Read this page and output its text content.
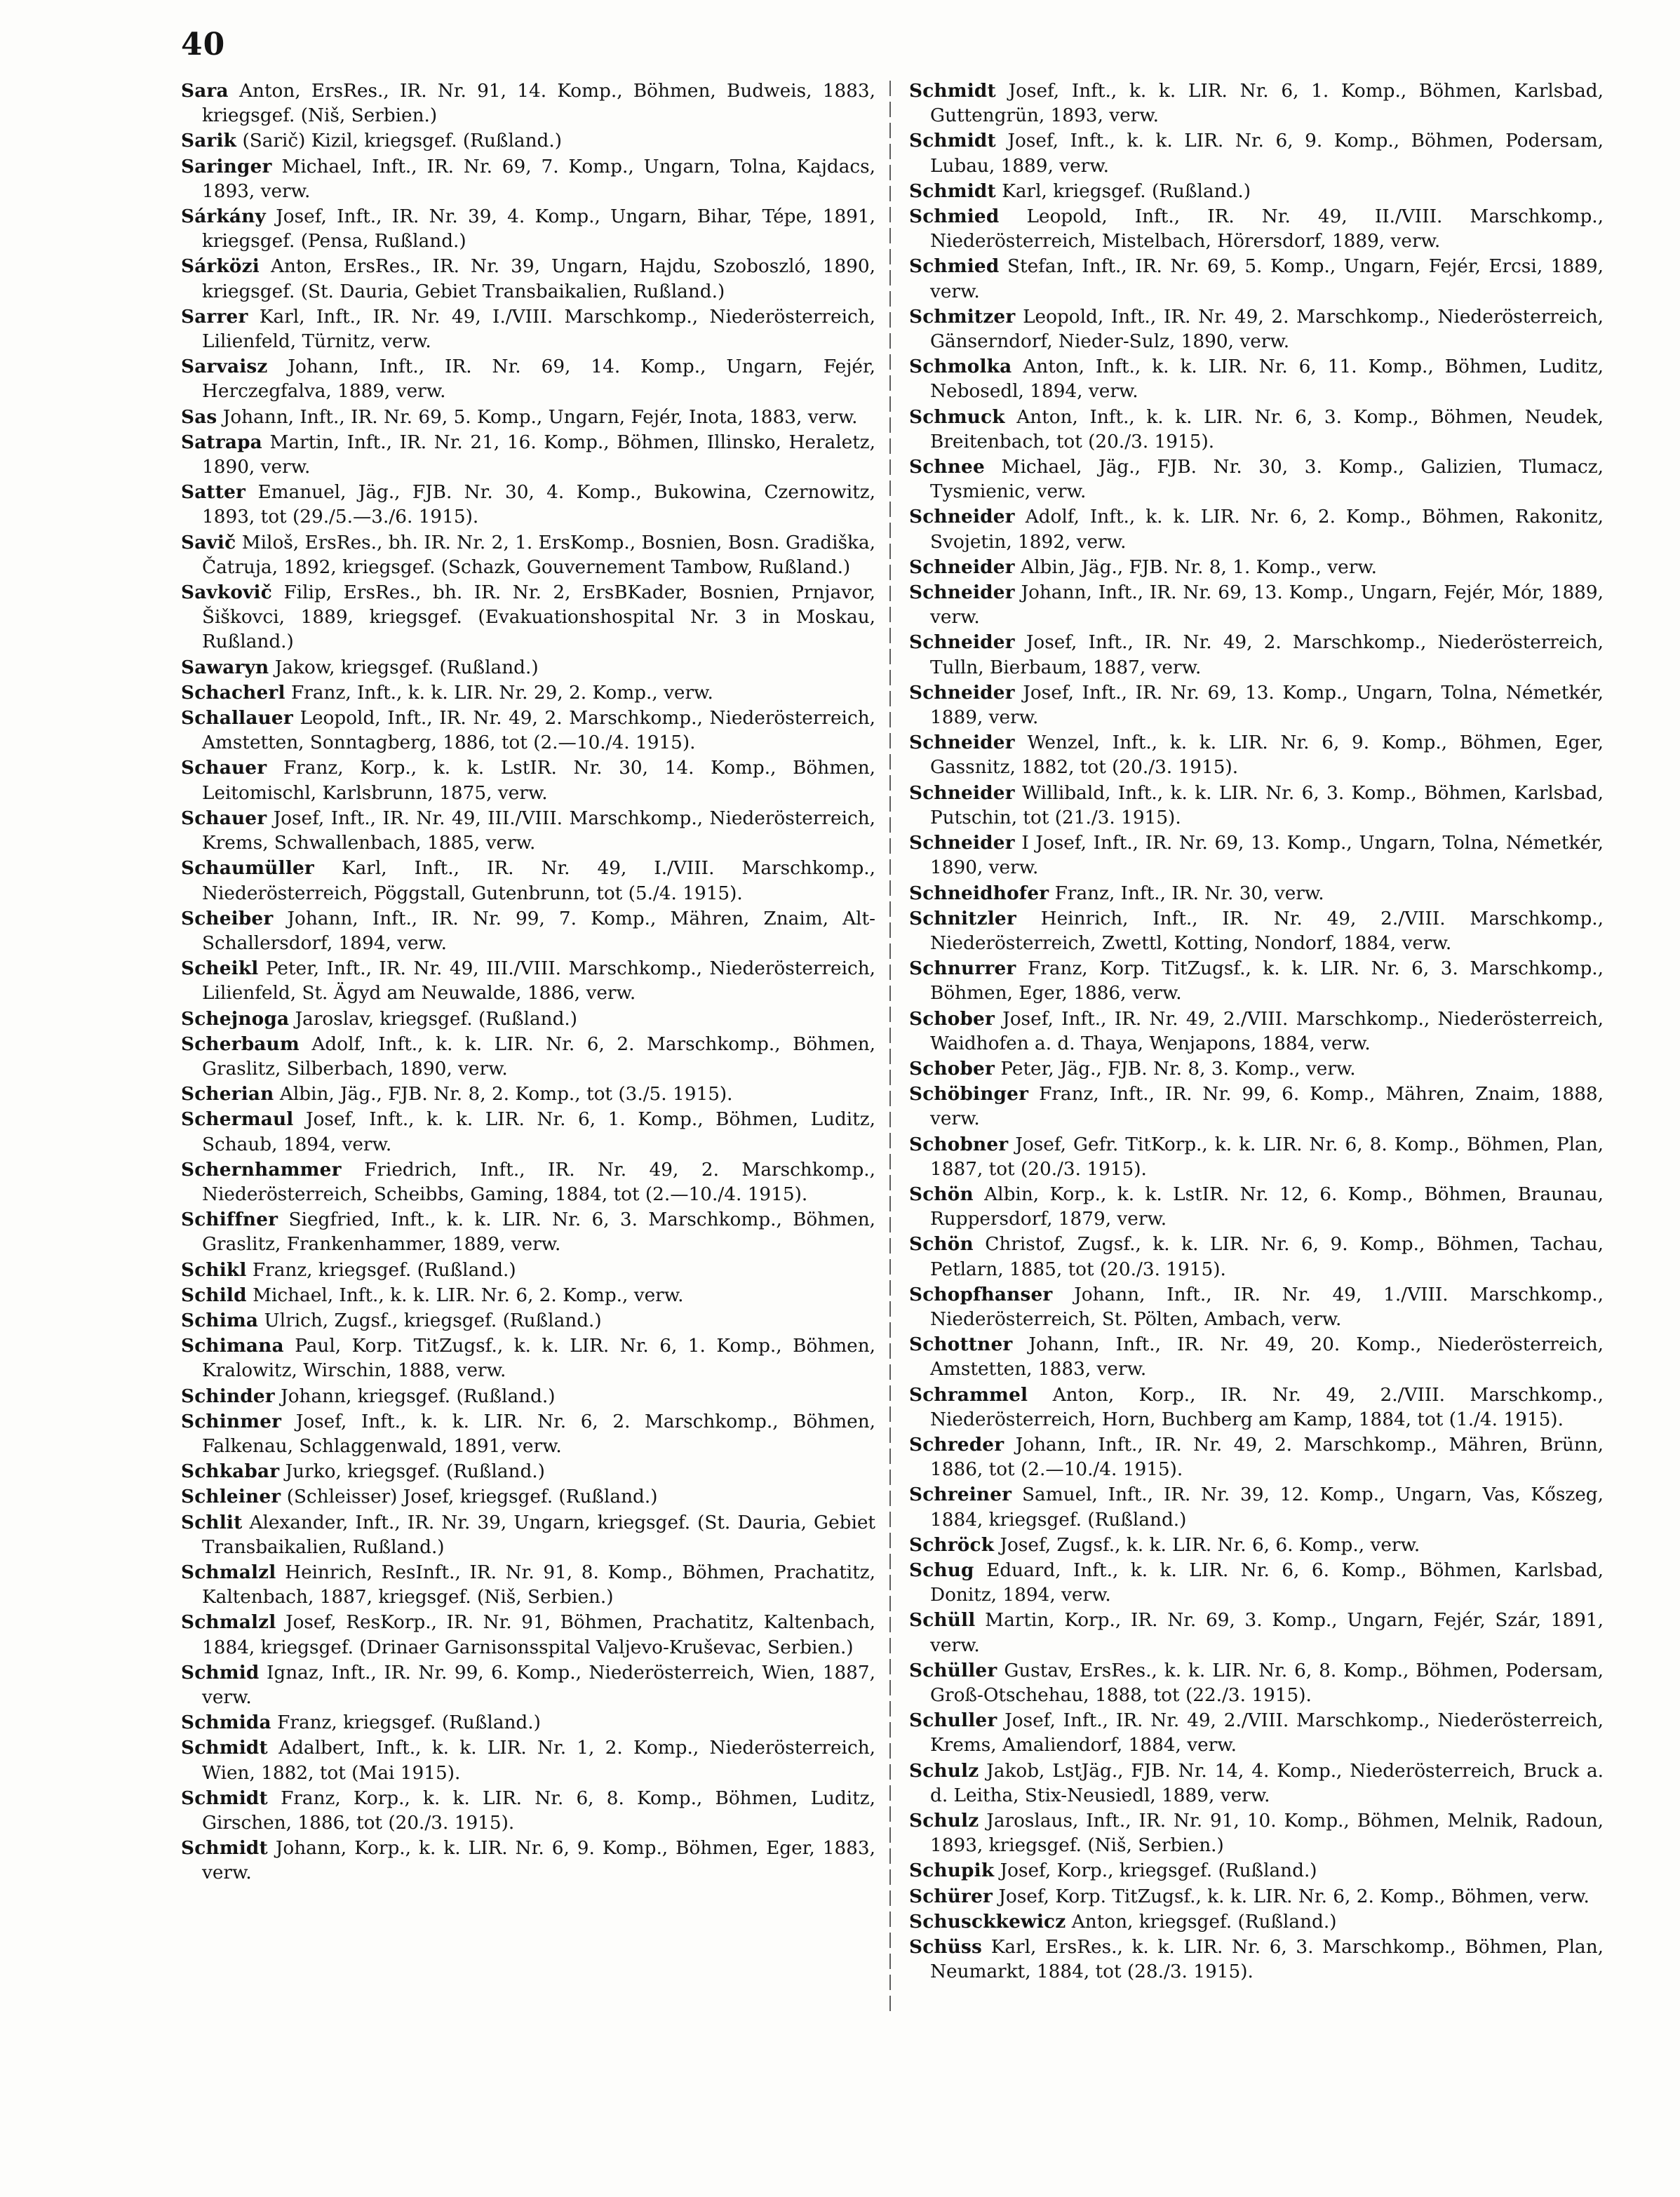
40

Sara Anton, ErsRes., IR. Nr. 91, 14. Komp., Böhmen, Budweis, 1883, kriegsgef. (Niš, Serbien.)

Sarik (Sarič) Kizil, kriegsgef. (Rußland.)

Saringer Michael, Inft., IR. Nr. 69, 7. Komp., Ungarn, Tolna, Kajdacs, 1893, verw.

Sárkány Josef, Inft., IR. Nr. 39, 4. Komp., Ungarn, Bihar, Tépe, 1891, kriegsgef. (Pensa, Rußland.)

Sárközi Anton, ErsRes., IR. Nr. 39, Ungarn, Hajdu, Szoboszló, 1890, kriegsgef. (St. Dauria, Gebiet Transbaikalien, Rußland.)

Sarrer Karl, Inft., IR. Nr. 49, I./VIII. Marschkomp., Niederösterreich, Lilienfeld, Türnitz, verw.

Sarvaisz Johann, Inft., IR. Nr. 69, 14. Komp., Ungarn, Fejér, Herczegfalva, 1889, verw.

Sas Johann, Inft., IR. Nr. 69, 5. Komp., Ungarn, Fejér, Inota, 1883, verw.

Satrapa Martin, Inft., IR. Nr. 21, 16. Komp., Böhmen, Illinsko, Heraletz, 1890, verw.

Satter Emanuel, Jäg., FJB. Nr. 30, 4. Komp., Bukowina, Czernowitz, 1893, tot (29./5.—3./6. 1915).

Savič Miloš, ErsRes., bh. IR. Nr. 2, 1. ErsKomp., Bosnien, Bosn. Gradiška, Čatruja, 1892, kriegsgef. (Schazk, Gouvernement Tambow, Rußland.)

Savkovič Filip, ErsRes., bh. IR. Nr. 2, ErsBKader, Bosnien, Prnjavor, Šiškovci, 1889, kriegsgef. (Evakuationshospital Nr. 3 in Moskau, Rußland.)

Sawaryn Jakow, kriegsgef. (Rußland.)

Schacherl Franz, Inft., k. k. LIR. Nr. 29, 2. Komp., verw.

Schallauer Leopold, Inft., IR. Nr. 49, 2. Marschkomp., Niederösterreich, Amstetten, Sonntagberg, 1886, tot (2.—10./4. 1915).

Schauer Franz, Korp., k. k. LstIR. Nr. 30, 14. Komp., Böhmen, Leitomischl, Karlsbrunn, 1875, verw.

Schauer Josef, Inft., IR. Nr. 49, III./VIII. Marschkomp., Niederösterreich, Krems, Schwallenbach, 1885, verw.

Schaumüller Karl, Inft., IR. Nr. 49, I./VIII. Marschkomp., Niederösterreich, Pöggstall, Gutenbrunn, tot (5./4. 1915).

Scheiber Johann, Inft., IR. Nr. 99, 7. Komp., Mähren, Znaim, Alt-Schallersdorf, 1894, verw.

Scheikl Peter, Inft., IR. Nr. 49, III./VIII. Marschkomp., Niederösterreich, Lilienfeld, St. Ägyd am Neuwalde, 1886, verw.

Schejnoga Jaroslav, kriegsgef. (Rußland.)

Scherbaum Adolf, Inft., k. k. LIR. Nr. 6, 2. Marschkomp., Böhmen, Graslitz, Silberbach, 1890, verw.

Scherian Albin, Jäg., FJB. Nr. 8, 2. Komp., tot (3./5. 1915).

Schermaul Josef, Inft., k. k. LIR. Nr. 6, 1. Komp., Böhmen, Luditz, Schaub, 1894, verw.

Schernhammer Friedrich, Inft., IR. Nr. 49, 2. Marschkomp., Niederösterreich, Scheibbs, Gaming, 1884, tot (2.—10./4. 1915).

Schiffner Siegfried, Inft., k. k. LIR. Nr. 6, 3. Marschkomp., Böhmen, Graslitz, Frankenhammer, 1889, verw.

Schikl Franz, kriegsgef. (Rußland.)

Schild Michael, Inft., k. k. LIR. Nr. 6, 2. Komp., verw.

Schima Ulrich, Zugsf., kriegsgef. (Rußland.)

Schimana Paul, Korp. TitZugsf., k. k. LIR. Nr. 6, 1. Komp., Böhmen, Kralowitz, Wirschin, 1888, verw.

Schinder Johann, kriegsgef. (Rußland.)

Schinmer Josef, Inft., k. k. LIR. Nr. 6, 2. Marschkomp., Böhmen, Falkenau, Schlaggenwald, 1891, verw.

Schkabar Jurko, kriegsgef. (Rußland.)

Schleiner (Schleisser) Josef, kriegsgef. (Rußland.)

Schlit Alexander, Inft., IR. Nr. 39, Ungarn, kriegsgef. (St. Dauria, Gebiet Transbaikalien, Rußland.)

Schmalzl Heinrich, ResInft., IR. Nr. 91, 8. Komp., Böhmen, Prachatitz, Kaltenbach, 1887, kriegsgef. (Niš, Serbien.)

Schmalzl Josef, ResKorp., IR. Nr. 91, Böhmen, Prachatitz, Kaltenbach, 1884, kriegsgef. (Drinaer Garnisonsspital Valjevo-Kruševac, Serbien.)

Schmid Ignaz, Inft., IR. Nr. 99, 6. Komp., Niederösterreich, Wien, 1887, verw.

Schmida Franz, kriegsgef. (Rußland.)

Schmidt Adalbert, Inft., k. k. LIR. Nr. 1, 2. Komp., Niederösterreich, Wien, 1882, tot (Mai 1915).

Schmidt Franz, Korp., k. k. LIR. Nr. 6, 8. Komp., Böhmen, Luditz, Girschen, 1886, tot (20./3. 1915).

Schmidt Johann, Korp., k. k. LIR. Nr. 6, 9. Komp., Böhmen, Eger, 1883, verw.

Schmidt Josef, Inft., k. k. LIR. Nr. 6, 1. Komp., Böhmen, Karlsbad, Guttengrün, 1893, verw.

Schmidt Josef, Inft., k. k. LIR. Nr. 6, 9. Komp., Böhmen, Podersam, Lubau, 1889, verw.

Schmidt Karl, kriegsgef. (Rußland.)

Schmied Leopold, Inft., IR. Nr. 49, II./VIII. Marschkomp., Niederösterreich, Mistelbach, Hörersdorf, 1889, verw.

Schmied Stefan, Inft., IR. Nr. 69, 5. Komp., Ungarn, Fejér, Ercsi, 1889, verw.

Schmitzer Leopold, Inft., IR. Nr. 49, 2. Marschkomp., Niederösterreich, Gänserndorf, Nieder-Sulz, 1890, verw.

Schmolka Anton, Inft., k. k. LIR. Nr. 6, 11. Komp., Böhmen, Luditz, Nebosedl, 1894, verw.

Schmuck Anton, Inft., k. k. LIR. Nr. 6, 3. Komp., Böhmen, Neudek, Breitenbach, tot (20./3. 1915).

Schnee Michael, Jäg., FJB. Nr. 30, 3. Komp., Galizien, Tlumacz, Tysmienic, verw.

Schneider Adolf, Inft., k. k. LIR. Nr. 6, 2. Komp., Böhmen, Rakonitz, Svojetin, 1892, verw.

Schneider Albin, Jäg., FJB. Nr. 8, 1. Komp., verw.

Schneider Johann, Inft., IR. Nr. 69, 13. Komp., Ungarn, Fejér, Mór, 1889, verw.

Schneider Josef, Inft., IR. Nr. 49, 2. Marschkomp., Niederösterreich, Tulln, Bierbaum, 1887, verw.

Schneider Josef, Inft., IR. Nr. 69, 13. Komp., Ungarn, Tolna, Németkér, 1889, verw.

Schneider Wenzel, Inft., k. k. LIR. Nr. 6, 9. Komp., Böhmen, Eger, Gassnitz, 1882, tot (20./3. 1915).

Schneider Willibald, Inft., k. k. LIR. Nr. 6, 3. Komp., Böhmen, Karlsbad, Putschin, tot (21./3. 1915).

Schneider I Josef, Inft., IR. Nr. 69, 13. Komp., Ungarn, Tolna, Németkér, 1890, verw.

Schneidhofer Franz, Inft., IR. Nr. 30, verw.

Schnitzler Heinrich, Inft., IR. Nr. 49, 2./VIII. Marschkomp., Niederösterreich, Zwettl, Kotting, Nondorf, 1884, verw.

Schnurrer Franz, Korp. TitZugsf., k. k. LIR. Nr. 6, 3. Marschkomp., Böhmen, Eger, 1886, verw.

Schober Josef, Inft., IR. Nr. 49, 2./VIII. Marschkomp., Niederösterreich, Waidhofen a. d. Thaya, Wenjapons, 1884, verw.

Schober Peter, Jäg., FJB. Nr. 8, 3. Komp., verw.

Schöbinger Franz, Inft., IR. Nr. 99, 6. Komp., Mähren, Znaim, 1888, verw.

Schobner Josef, Gefr. TitKorp., k. k. LIR. Nr. 6, 8. Komp., Böhmen, Plan, 1887, tot (20./3. 1915).

Schön Albin, Korp., k. k. LstIR. Nr. 12, 6. Komp., Böhmen, Braunau, Ruppersdorf, 1879, verw.

Schön Christof, Zugsf., k. k. LIR. Nr. 6, 9. Komp., Böhmen, Tachau, Petlarn, 1885, tot (20./3. 1915).

Schopfhanser Johann, Inft., IR. Nr. 49, 1./VIII. Marschkomp., Niederösterreich, St. Pölten, Ambach, verw.

Schottner Johann, Inft., IR. Nr. 49, 20. Komp., Niederösterreich, Amstetten, 1883, verw.

Schrammel Anton, Korp., IR. Nr. 49, 2./VIII. Marschkomp., Niederösterreich, Horn, Buchberg am Kamp, 1884, tot (1./4. 1915).

Schreder Johann, Inft., IR. Nr. 49, 2. Marschkomp., Mähren, Brünn, 1886, tot (2.—10./4. 1915).

Schreiner Samuel, Inft., IR. Nr. 39, 12. Komp., Ungarn, Vas, Kőszeg, 1884, kriegsgef. (Rußland.)

Schröck Josef, Zugsf., k. k. LIR. Nr. 6, 6. Komp., verw.

Schug Eduard, Inft., k. k. LIR. Nr. 6, 6. Komp., Böhmen, Karlsbad, Donitz, 1894, verw.

Schüll Martin, Korp., IR. Nr. 69, 3. Komp., Ungarn, Fejér, Szár, 1891, verw.

Schüller Gustav, ErsRes., k. k. LIR. Nr. 6, 8. Komp., Böhmen, Podersam, Groß-Otschehau, 1888, tot (22./3. 1915).

Schuller Josef, Inft., IR. Nr. 49, 2./VIII. Marschkomp., Niederösterreich, Krems, Amaliendorf, 1884, verw.

Schulz Jakob, LstJäg., FJB. Nr. 14, 4. Komp., Niederösterreich, Bruck a. d. Leitha, Stix-Neusiedl, 1889, verw.

Schulz Jaroslaus, Inft., IR. Nr. 91, 10. Komp., Böhmen, Melnik, Radoun, 1893, kriegsgef. (Niš, Serbien.)

Schupik Josef, Korp., kriegsgef. (Rußland.)

Schürer Josef, Korp. TitZugsf., k. k. LIR. Nr. 6, 2. Komp., Böhmen, verw.

Schusckkewicz Anton, kriegsgef. (Rußland.)

Schüss Karl, ErsRes., k. k. LIR. Nr. 6, 3. Marschkomp., Böhmen, Plan, Neumarkt, 1884, tot (28./3. 1915).
